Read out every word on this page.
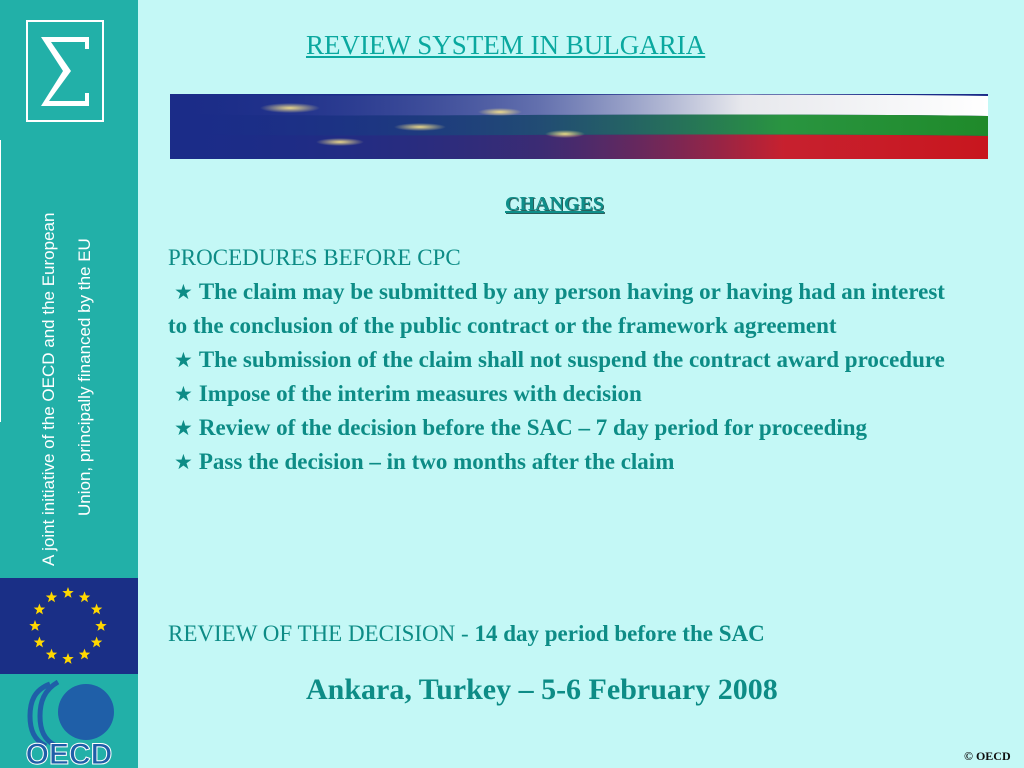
A joint initiative of the OECD and the European Union, principally financed by the EU
OECD
REVIEW SYSTEM IN BULGARIA
CHANGES
PROCEDURES BEFORE CPC
★ The claim may be submitted by any person having or having had an interest to the conclusion of the public contract or the framework agreement
★ The submission of the claim shall not suspend the contract award procedure
★ Impose of the interim measures with decision
★ Review of the decision before the SAC – 7 day period for proceeding
★ Pass the decision – in two months after the claim
REVIEW OF THE DECISION - 14 day period before the SAC
Ankara, Turkey – 5-6 February 2008
© OECD
